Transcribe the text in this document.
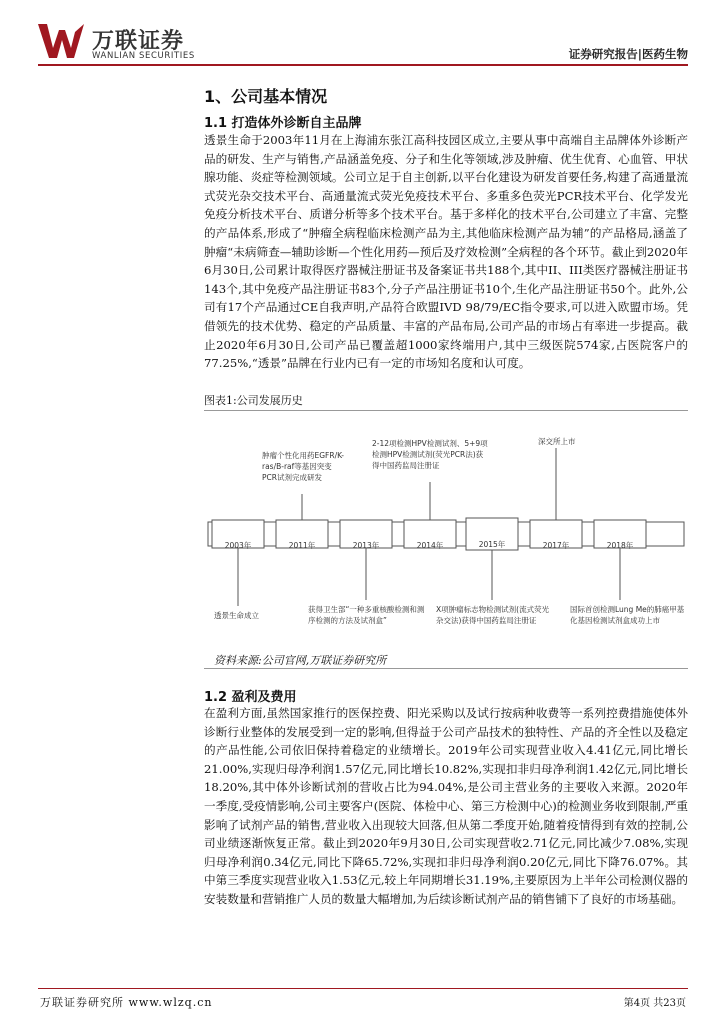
万联证券
WANLIAN SECURITIES	证券研究报告|医药生物
1、公司基本情况
1.1 打造体外诊断自主品牌
透景生命于2003年11月在上海浦东张江高科技园区成立,主要从事中高端自主品牌体外诊断产品的研发、生产与销售,产品涵盖免疫、分子和生化等领域,涉及肿瘤、优生优育、心血管、甲状腺功能、炎症等检测领域。公司立足于自主创新,以平台化建设为研发首要任务,构建了高通量流式荧光杂交技术平台、高通量流式荧光免疫技术平台、多重多色荧光PCR技术平台、化学发光免疫分析技术平台、质谱分析等多个技术平台。基于多样化的技术平台,公司建立了丰富、完整的产品体系,形成了“肿瘤全病程临床检测产品为主,其他临床检测产品为辅”的产品格局,涵盖了肿瘤“未病筛查—辅助诊断—个性化用药—预后及疗效检测”全病程的各个环节。截止到2020年6月30日,公司累计取得医疗器械注册证书及备案证书共188个,其中II、III类医疗器械注册证书143个,其中免疫产品注册证书83个,分子产品注册证书10个,生化产品注册证书50个。此外,公司有17个产品通过CE自我声明,产品符合欧盟IVD 98/79/EC指令要求,可以进入欧盟市场。凭借领先的技术优势、稳定的产品质量、丰富的产品布局,公司产品的市场占有率进一步提高。截止2020年6月30日,公司产品已覆盖超1000家终端用户,其中三级医院574家,占医院客户的77.25%,“透景”品牌在行业内已有一定的市场知名度和认可度。
图表1:公司发展历史
2003年	2011年	2013年	2014年	2015年	2017年	2018年
肿瘤个性化用药EGFR/K-ras/B-raf等基因突变PCR试剂完成研发
2-12项检测HPV检测试剂、5+9项检测HPV检测试剂(荧光PCR法)获得中国药监局注册证
深交所上市
透景生命成立
获得卫生部“一种多重核酸检测和测序检测的方法及试剂盒”
X项肿瘤标志物检测试剂(流式荧光杂交法)获得中国药监局注册证
国际首创检测Lung Me的肺癌甲基化基因检测试剂盒成功上市
资料来源:公司官网,万联证券研究所
1.2 盈利及费用
在盈利方面,虽然国家推行的医保控费、阳光采购以及试行按病种收费等一系列控费措施使体外诊断行业整体的发展受到一定的影响,但得益于公司产品技术的独特性、产品的齐全性以及稳定的产品性能,公司依旧保持着稳定的业绩增长。2019年公司实现营业收入4.41亿元,同比增长21.00%,实现归母净利润1.57亿元,同比增长10.82%,实现扣非归母净利润1.42亿元,同比增长18.20%,其中体外诊断试剂的营收占比为94.04%,是公司主营业务的主要收入来源。2020年一季度,受疫情影响,公司主要客户(医院、体检中心、第三方检测中心)的检测业务收到限制,严重影响了试剂产品的销售,营业收入出现较大回落,但从第二季度开始,随着疫情得到有效的控制,公司业绩逐渐恢复正常。截止到2020年9月30日,公司实现营收2.71亿元,同比减少7.08%,实现归母净利润0.34亿元,同比下降65.72%,实现扣非归母净利润0.20亿元,同比下降76.07%。其中第三季度实现营业收入1.53亿元,较上年同期增长31.19%,主要原因为上半年公司检测仪器的安装数量和营销推广人员的数量大幅增加,为后续诊断试剂产品的销售铺下了良好的市场基础。
万联证券研究所 www.wlzq.cn	第4页 共23页
